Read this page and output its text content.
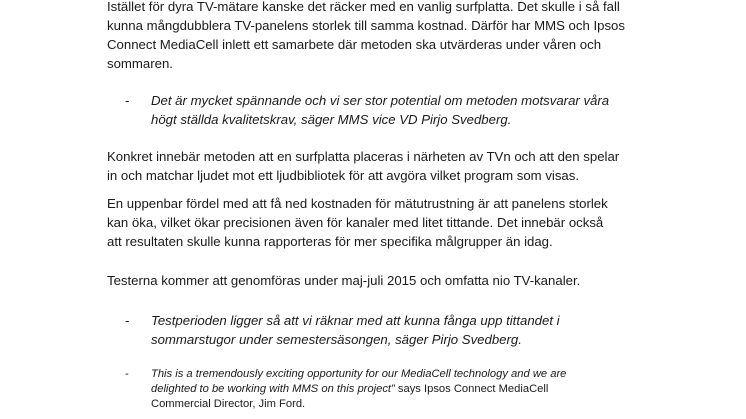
Istället för dyra TV-mätare kanske det räcker med en vanlig surfplatta. Det skulle i så fall
kunna mångdubblera TV-panelens storlek till samma kostnad. Därför har MMS och Ipsos
Connect MediaCell inlett ett samarbete där metoden ska utvärderas under våren och
sommaren.

- Det är mycket spännande och vi ser stor potential om metoden motsvarar våra
högt ställda kvalitetskrav, säger MMS vice VD Pirjo Svedberg.

Konkret innebär metoden att en surfplatta placeras i närheten av TVn och att den spelar
in och matchar ljudet mot ett ljudbibliotek för att avgöra vilket program som visas.

En uppenbar fördel med att få ned kostnaden för mätutrustning är att panelens storlek
kan öka, vilket ökar precisionen även för kanaler med litet tittande. Det innebär också
att resultaten skulle kunna rapporteras för mer specifika målgrupper än idag.

Testerna kommer att genomföras under maj-juli 2015 och omfatta nio TV-kanaler.

- Testperioden ligger så att vi räknar med att kunna fånga upp tittandet i
sommarstugor under semestersäsongen, säger Pirjo Svedberg.
- This is a tremendously exciting opportunity for our MediaCell technology and we are
delighted to be working with MMS on this project” says Ipsos Connect MediaCell
Commercial Director, Jim Ford.
